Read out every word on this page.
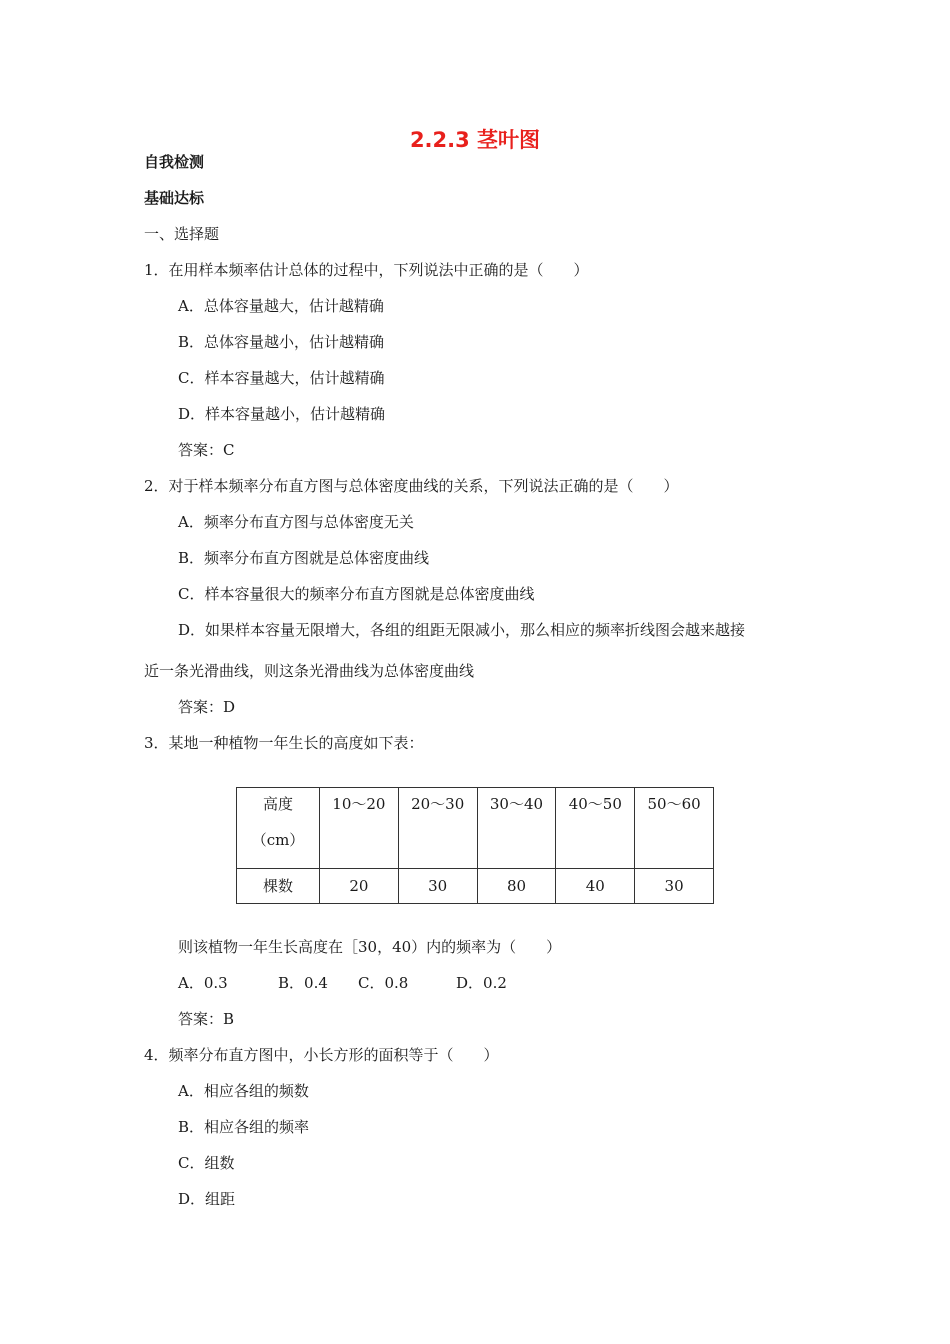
2.2.3 茎叶图
自我检测
基础达标
一、选择题
1．在用样本频率估计总体的过程中，下列说法中正确的是（　　）
A．总体容量越大，估计越精确
B．总体容量越小，估计越精确
C．样本容量越大，估计越精确
D．样本容量越小，估计越精确
答案：C
2．对于样本频率分布直方图与总体密度曲线的关系，下列说法正确的是（　　）
A．频率分布直方图与总体密度无关
B．频率分布直方图就是总体密度曲线
C．样本容量很大的频率分布直方图就是总体密度曲线
D．如果样本容量无限增大，各组的组距无限减小，那么相应的频率折线图会越来越接
近一条光滑曲线，则这条光滑曲线为总体密度曲线
答案：D
3．某地一种植物一年生长的高度如下表：
高度
（cm）	10～20	20～30	30～40	40～50	50～60
棵数	20	30	80	40	30
则该植物一年生长高度在［30，40）内的频率为（　　）
A．0.3	B．0.4 C．0.8	D．0.2
答案：B
4．频率分布直方图中，小长方形的面积等于（　　）
A．相应各组的频数
B．相应各组的频率
C．组数
D．组距
